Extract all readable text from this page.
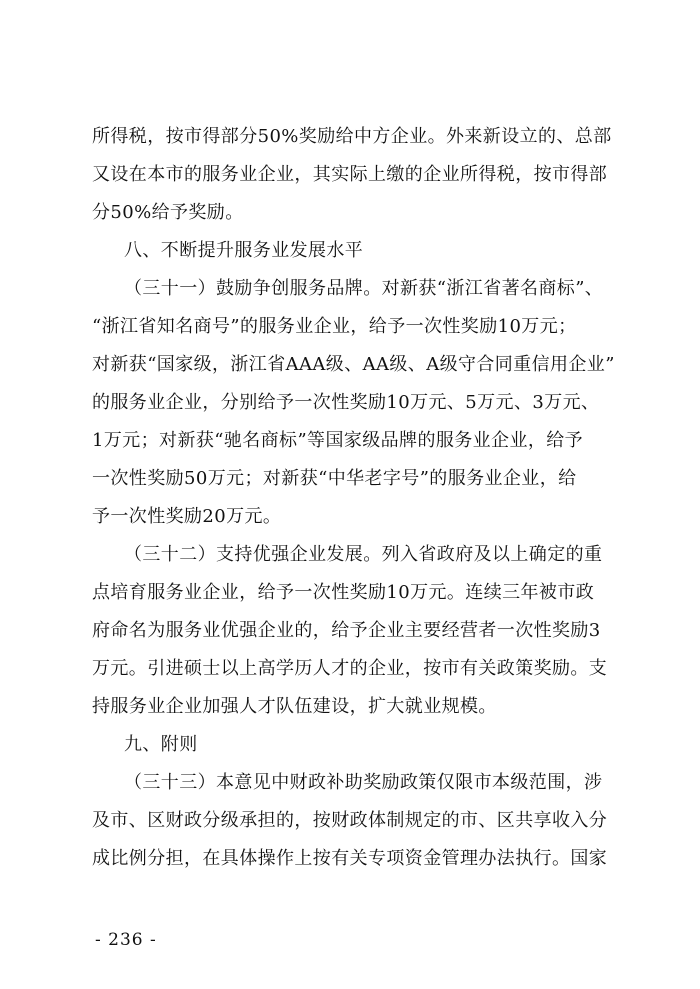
所得税，按市得部分50%奖励给中方企业。外来新设立的、总部
又设在本市的服务业企业，其实际上缴的企业所得税，按市得部
分50%给予奖励。
八、不断提升服务业发展水平
（三十一）鼓励争创服务品牌。对新获“浙江省著名商标”、
“浙江省知名商号”的服务业企业，给予一次性奖励10万元；
对新获“国家级，浙江省AAA级、AA级、A级守合同重信用企业”
的服务业企业，分别给予一次性奖励10万元、5万元、3万元、
1万元；对新获“驰名商标”等国家级品牌的服务业企业，给予
一次性奖励50万元；对新获“中华老字号”的服务业企业，给
予一次性奖励20万元。
（三十二）支持优强企业发展。列入省政府及以上确定的重
点培育服务业企业，给予一次性奖励10万元。连续三年被市政
府命名为服务业优强企业的，给予企业主要经营者一次性奖励3
万元。引进硕士以上高学历人才的企业，按市有关政策奖励。支
持服务业企业加强人才队伍建设，扩大就业规模。
九、附则
（三十三）本意见中财政补助奖励政策仅限市本级范围，涉
及市、区财政分级承担的，按财政体制规定的市、区共享收入分
成比例分担，在具体操作上按有关专项资金管理办法执行。国家
- 236 -
